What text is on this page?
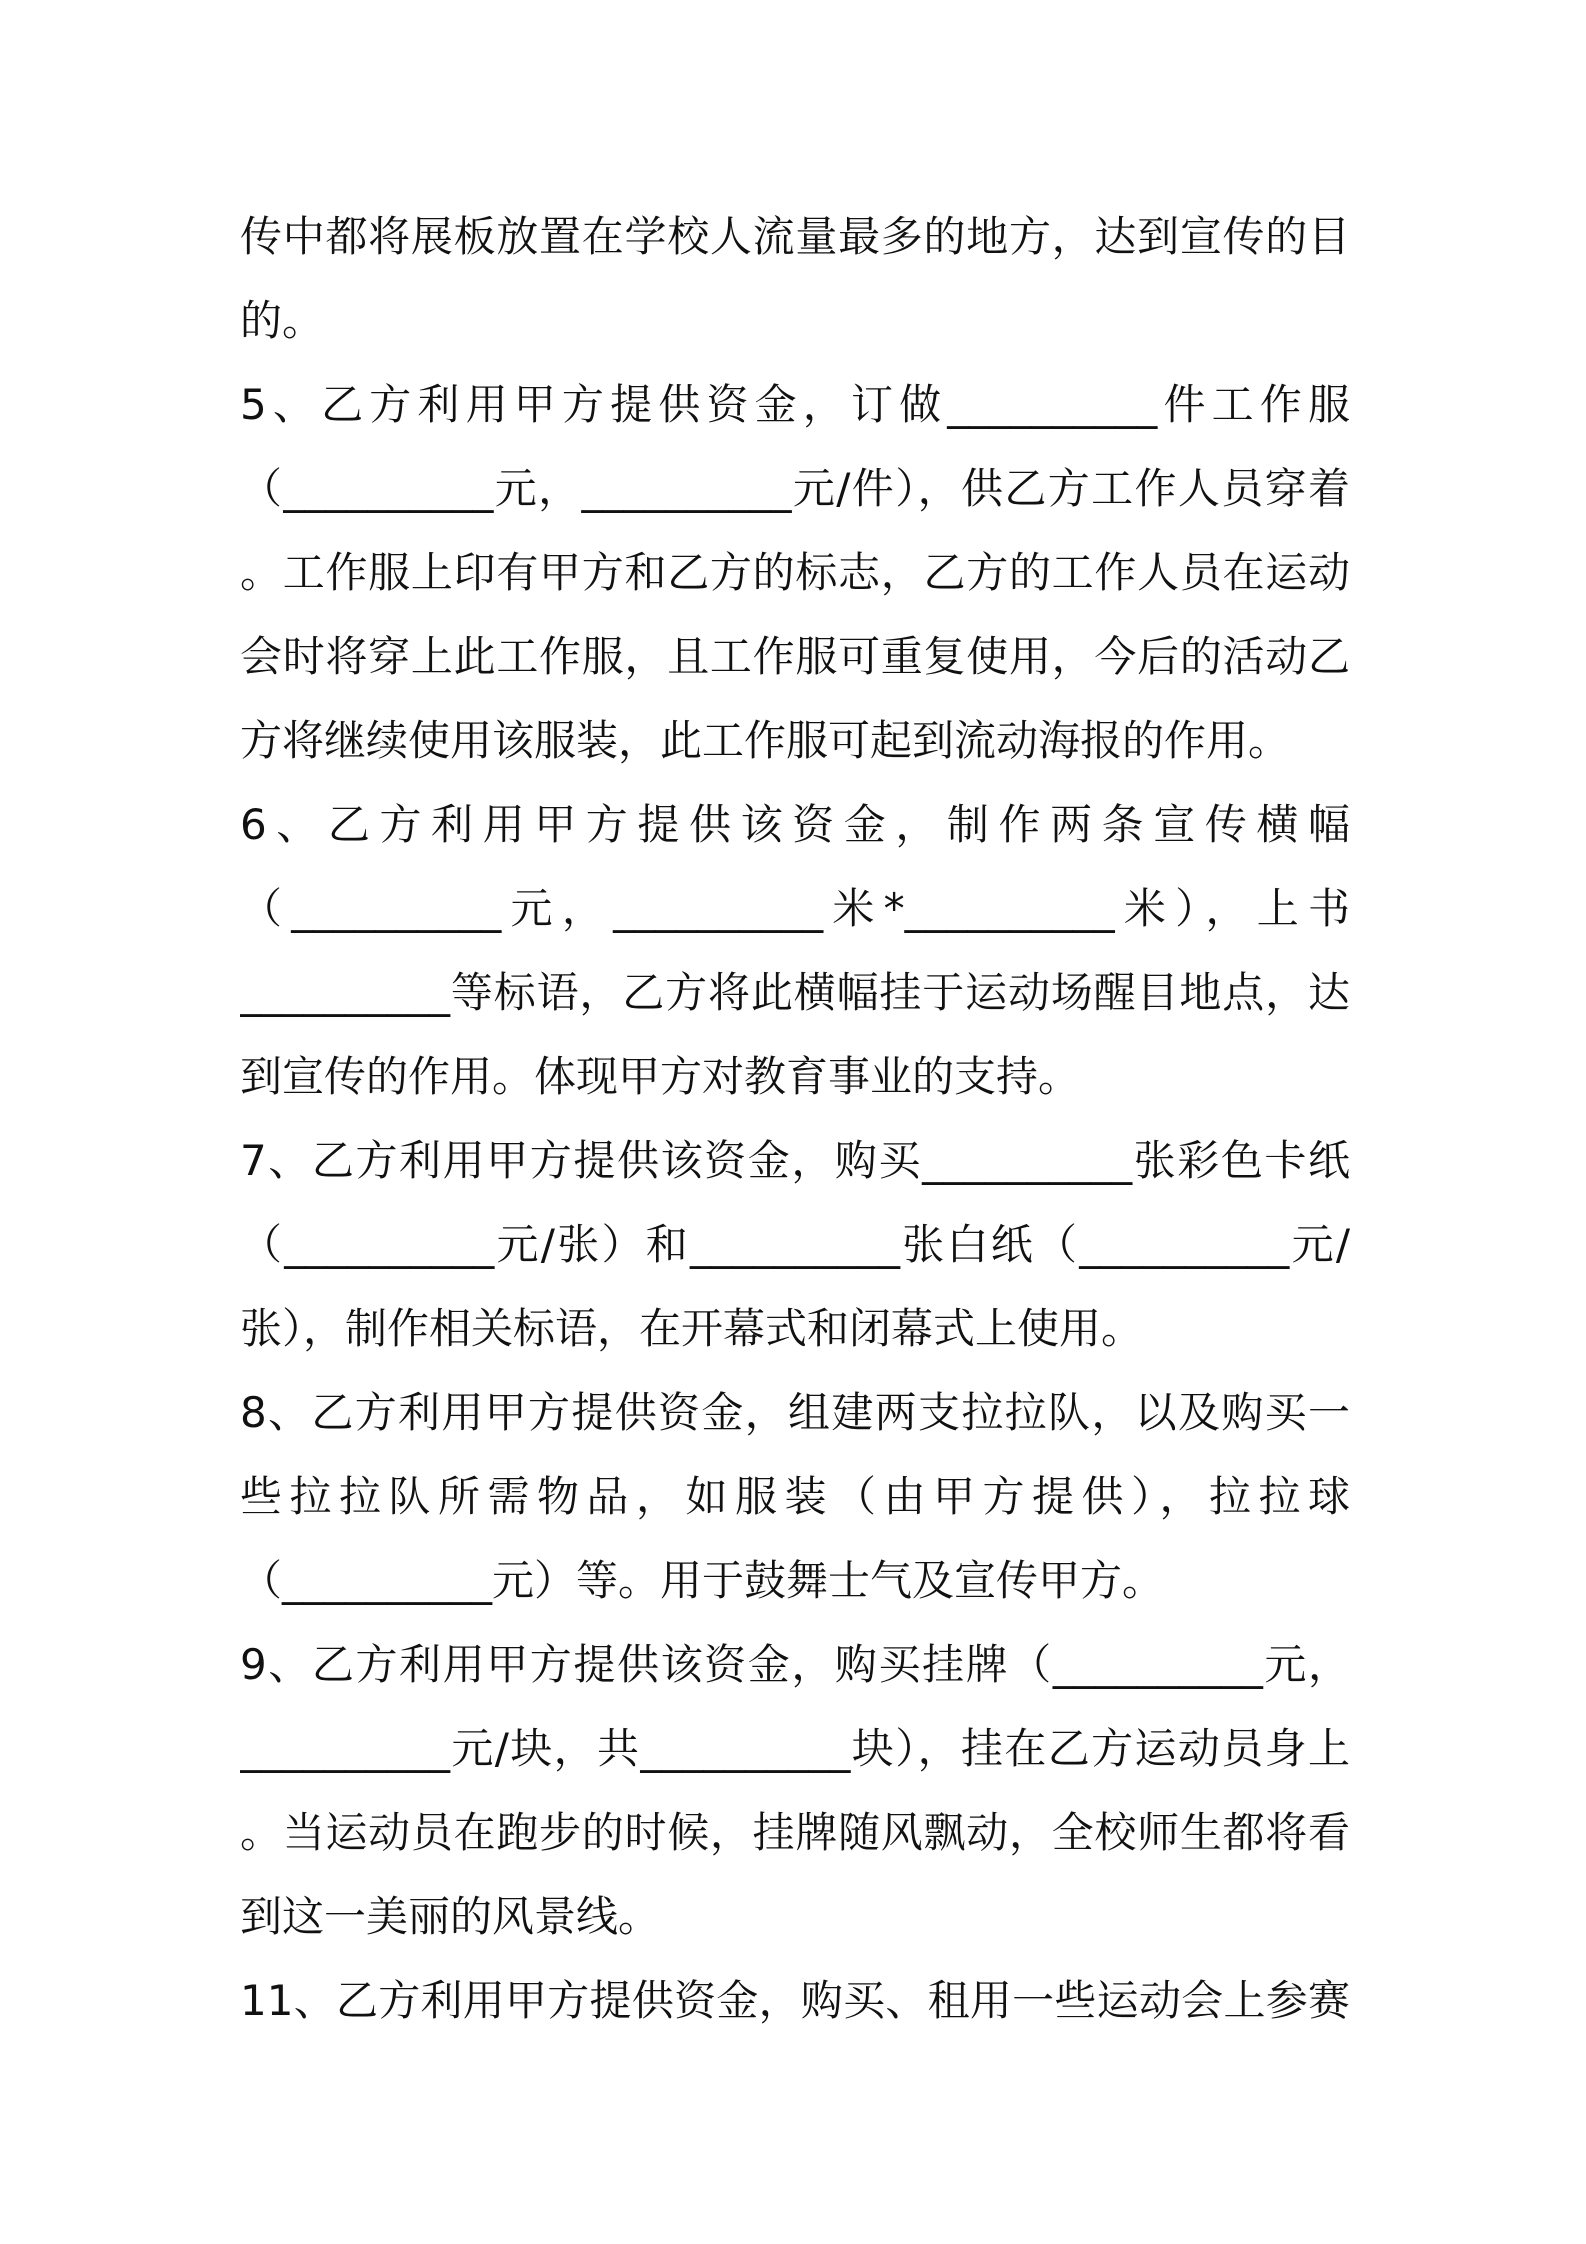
传中都将展板放置在学校人流量最多的地方，达到宣传的目
的。
5、乙方利用甲方提供资金，订做__________件工作服
（__________元，__________元/件），供乙方工作人员穿着
。工作服上印有甲方和乙方的标志，乙方的工作人员在运动
会时将穿上此工作服，且工作服可重复使用，今后的活动乙
方将继续使用该服装，此工作服可起到流动海报的作用。
6、乙方利用甲方提供该资金，制作两条宣传横幅
（__________元，__________米*__________米），上书
__________等标语，乙方将此横幅挂于运动场醒目地点，达
到宣传的作用。体现甲方对教育事业的支持。
7、乙方利用甲方提供该资金，购买__________张彩色卡纸
（__________元/张）和__________张白纸（__________元/
张），制作相关标语，在开幕式和闭幕式上使用。
8、乙方利用甲方提供资金，组建两支拉拉队，以及购买一
些拉拉队所需物品，如服装（由甲方提供），拉拉球
（__________元）等。用于鼓舞士气及宣传甲方。
9、乙方利用甲方提供该资金，购买挂牌（__________元，
__________元/块，共__________块），挂在乙方运动员身上
。当运动员在跑步的时候，挂牌随风飘动，全校师生都将看
到这一美丽的风景线。
11、乙方利用甲方提供资金，购买、租用一些运动会上参赛
